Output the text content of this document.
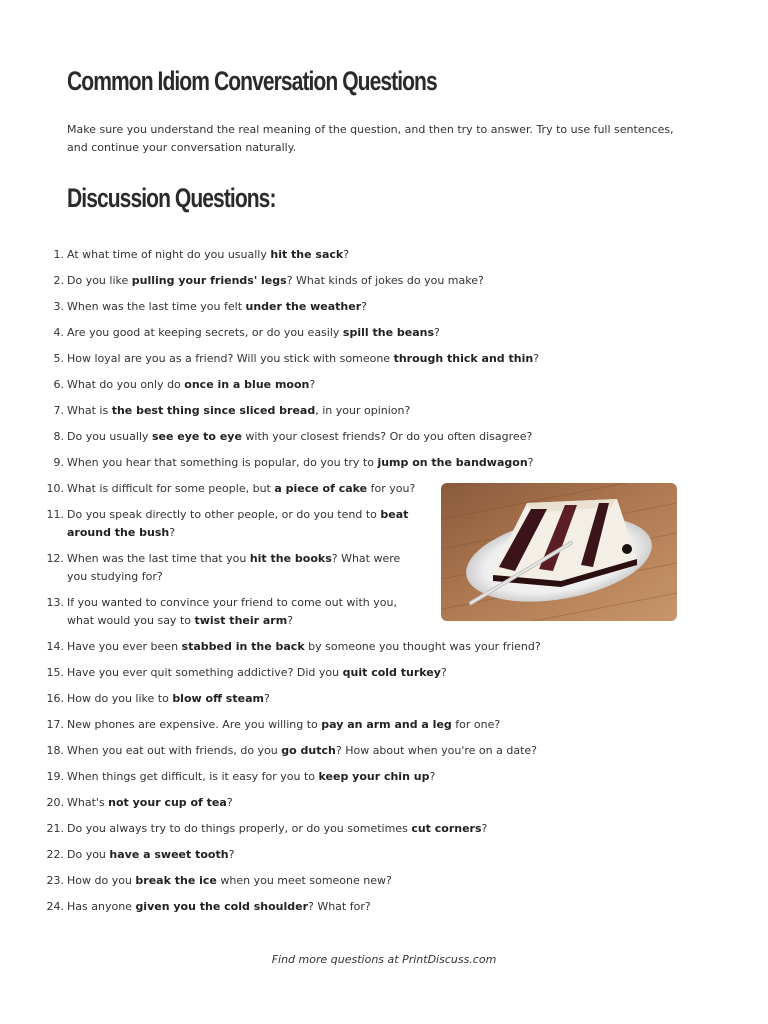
Common Idiom Conversation Questions

Make sure you understand the real meaning of the question, and then try to answer. Try to use full sentences, and continue your conversation naturally.

Discussion Questions:
1. At what time of night do you usually hit the sack?
2. Do you like pulling your friends' legs? What kinds of jokes do you make?
3. When was the last time you felt under the weather?
4. Are you good at keeping secrets, or do you easily spill the beans?
5. How loyal are you as a friend? Will you stick with someone through thick and thin?
6. What do you only do once in a blue moon?
7. What is the best thing since sliced bread, in your opinion?
8. Do you usually see eye to eye with your closest friends? Or do you often disagree?
9. When you hear that something is popular, do you try to jump on the bandwagon?
10. What is difficult for some people, but a piece of cake for you?
11. Do you speak directly to other people, or do you tend to beat around the bush?
12. When was the last time that you hit the books? What were you studying for?
13. If you wanted to convince your friend to come out with you, what would you say to twist their arm?
14. Have you ever been stabbed in the back by someone you thought was your friend?
15. Have you ever quit something addictive? Did you quit cold turkey?
16. How do you like to blow off steam?
17. New phones are expensive. Are you willing to pay an arm and a leg for one?
18. When you eat out with friends, do you go dutch? How about when you're on a date?
19. When things get difficult, is it easy for you to keep your chin up?
20. What's not your cup of tea?
21. Do you always try to do things properly, or do you sometimes cut corners?
22. Do you have a sweet tooth?
23. How do you break the ice when you meet someone new?
24. Has anyone given you the cold shoulder? What for?
Find more questions at PrintDiscuss.com
